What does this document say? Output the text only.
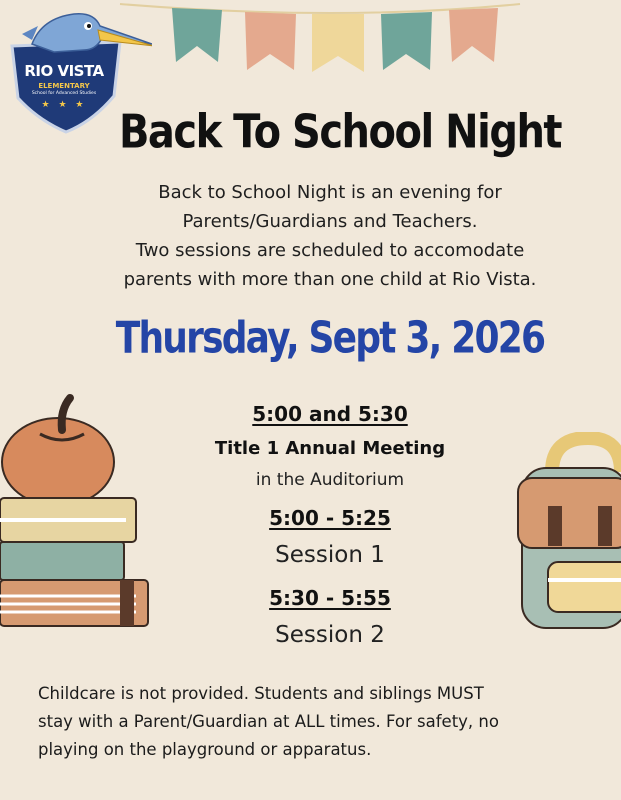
RIO VISTA
ELEMENTARY
School for Advanced Studies
★ ★ ★
Back To School Night
Back to School Night is an evening for
Parents/Guardians and Teachers.
Two sessions are scheduled to accomodate
parents with more than one child at Rio Vista.
Thursday, Sept 3, 2026
5:00 and 5:30
Title 1 Annual Meeting
in the Auditorium
5:00 - 5:25
Session 1
5:30 - 5:55
Session 2
Childcare is not provided. Students and siblings MUST
stay with a Parent/Guardian at ALL times. For safety, no
playing on the playground or apparatus.
